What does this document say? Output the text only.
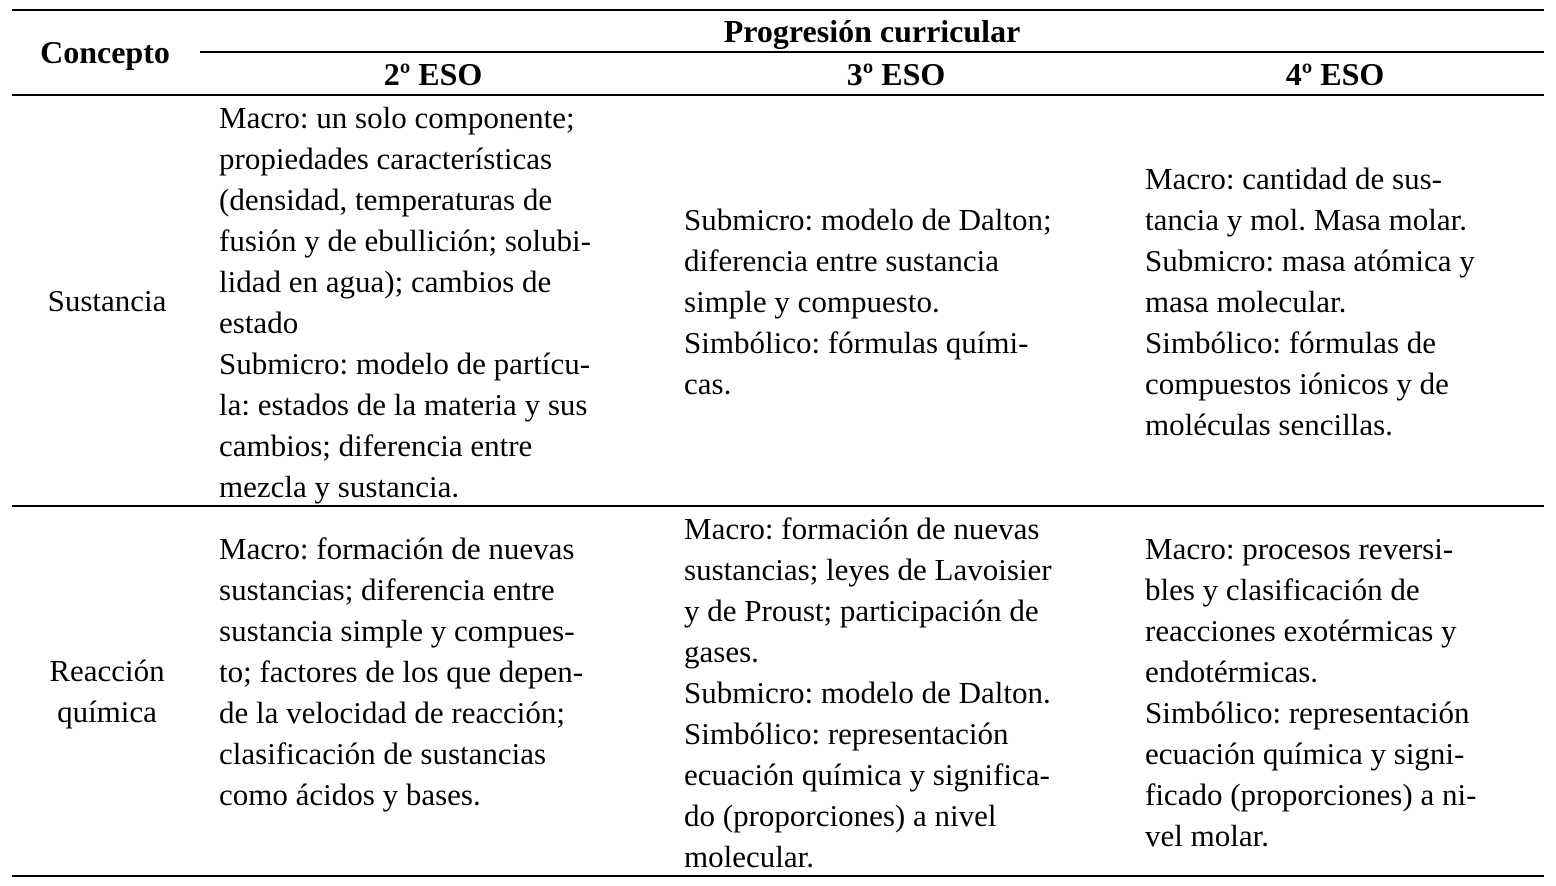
Concepto
Progresión curricular
2º ESO	3º ESO	4º ESO
Sustancia
Macro: un solo componente;
propiedades características
(densidad, temperaturas de
fusión y de ebullición; solubi-
lidad en agua); cambios de
estado
Submicro: modelo de partícu-
la: estados de la materia y sus
cambios; diferencia entre
mezcla y sustancia.
Submicro: modelo de Dalton;
diferencia entre sustancia
simple y compuesto.
Simbólico: fórmulas quími-
cas.
Macro: cantidad de sus-
tancia y mol. Masa molar.
Submicro: masa atómica y
masa molecular.
Simbólico: fórmulas de
compuestos iónicos y de
moléculas sencillas.
Reacción
química
Macro: formación de nuevas
sustancias; diferencia entre
sustancia simple y compues-
to; factores de los que depen-
de la velocidad de reacción;
clasificación de sustancias
como ácidos y bases.
Macro: formación de nuevas
sustancias; leyes de Lavoisier
y de Proust; participación de
gases.
Submicro: modelo de Dalton.
Simbólico: representación
ecuación química y significa-
do (proporciones) a nivel
molecular.
Macro: procesos reversi-
bles y clasificación de
reacciones exotérmicas y
endotérmicas.
Simbólico: representación
ecuación química y signi-
ficado (proporciones) a ni-
vel molar.
